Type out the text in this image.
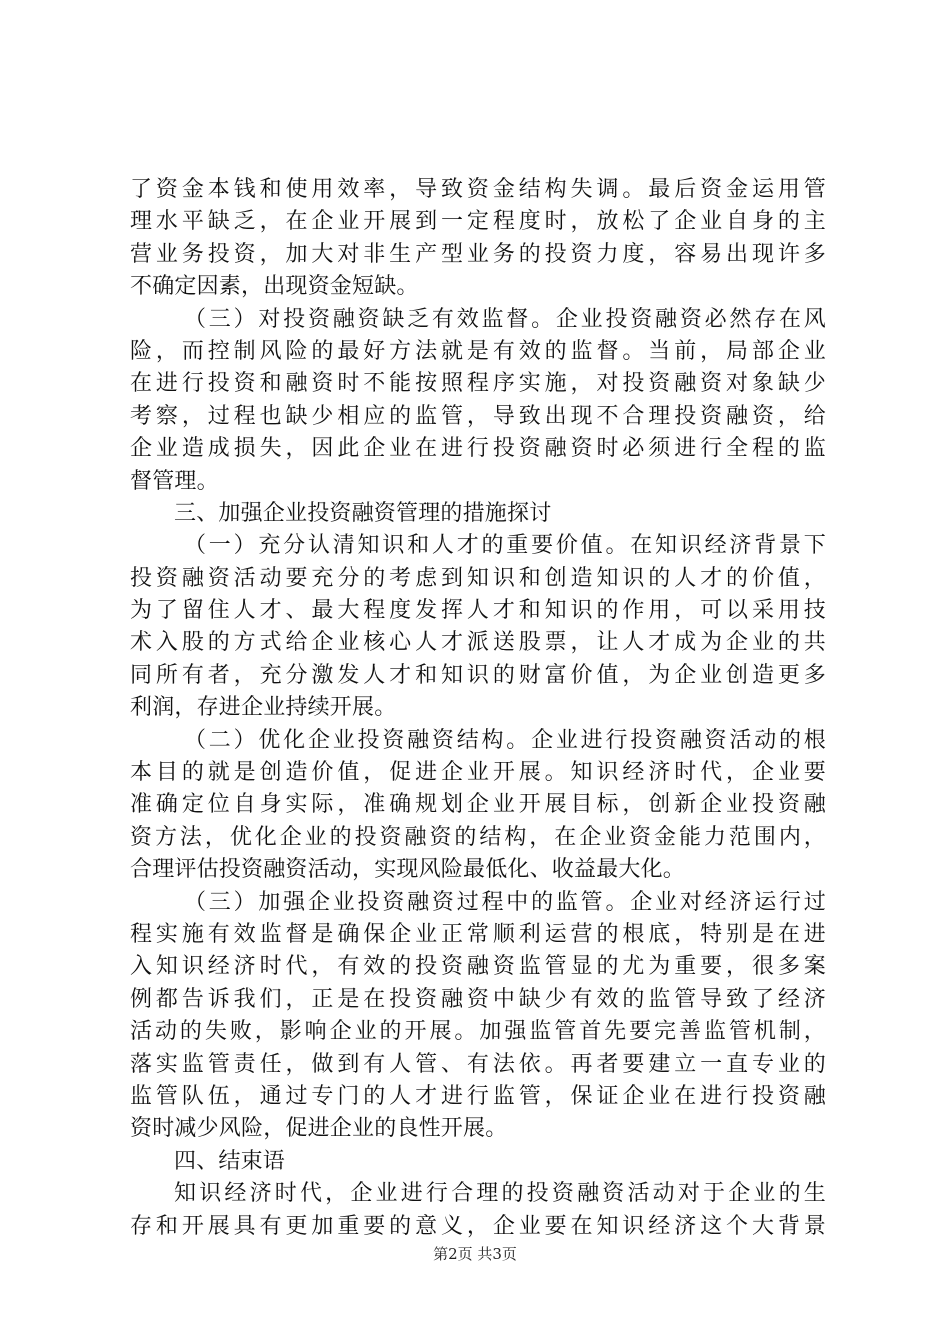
了资金本钱和使用效率，导致资金结构失调。最后资金运用管
理水平缺乏，在企业开展到一定程度时，放松了企业自身的主
营业务投资，加大对非生产型业务的投资力度，容易出现许多
不确定因素，出现资金短缺。
（三）对投资融资缺乏有效监督。企业投资融资必然存在风
险，而控制风险的最好方法就是有效的监督。当前，局部企业
在进行投资和融资时不能按照程序实施，对投资融资对象缺少
考察，过程也缺少相应的监管，导致出现不合理投资融资，给
企业造成损失，因此企业在进行投资融资时必须进行全程的监
督管理。
三、加强企业投资融资管理的措施探讨
（一）充分认清知识和人才的重要价值。在知识经济背景下
投资融资活动要充分的考虑到知识和创造知识的人才的价值，
为了留住人才、最大程度发挥人才和知识的作用，可以采用技
术入股的方式给企业核心人才派送股票，让人才成为企业的共
同所有者，充分激发人才和知识的财富价值，为企业创造更多
利润，存进企业持续开展。
（二）优化企业投资融资结构。企业进行投资融资活动的根
本目的就是创造价值，促进企业开展。知识经济时代，企业要
准确定位自身实际，准确规划企业开展目标，创新企业投资融
资方法，优化企业的投资融资的结构，在企业资金能力范围内，
合理评估投资融资活动，实现风险最低化、收益最大化。
（三）加强企业投资融资过程中的监管。企业对经济运行过
程实施有效监督是确保企业正常顺利运营的根底，特别是在进
入知识经济时代，有效的投资融资监管显的尤为重要，很多案
例都告诉我们，正是在投资融资中缺少有效的监管导致了经济
活动的失败，影响企业的开展。加强监管首先要完善监管机制，
落实监管责任，做到有人管、有法依。再者要建立一直专业的
监管队伍，通过专门的人才进行监管，保证企业在进行投资融
资时减少风险，促进企业的良性开展。
四、结束语
知识经济时代，企业进行合理的投资融资活动对于企业的生
存和开展具有更加重要的意义，企业要在知识经济这个大背景
第2页 共3页
